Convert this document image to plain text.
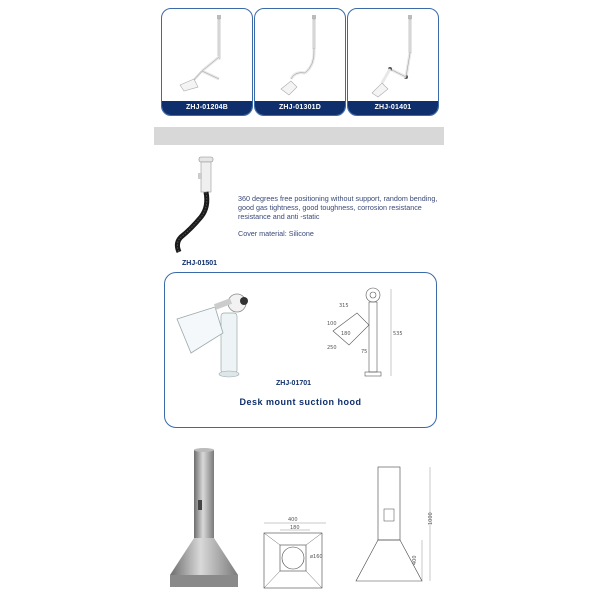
ZHJ-01204B	ZHJ-01301D	ZHJ-01401
ZHJ-01501

360 degrees free positioning without support, random bending, good gas tightness, good toughness, corrosion resistance resistance and anti -static

Cover material: Silicone

535
315
100
180
250
75
ZHJ-01701
Desk mount suction hood
400
180
ø160
1000
400
